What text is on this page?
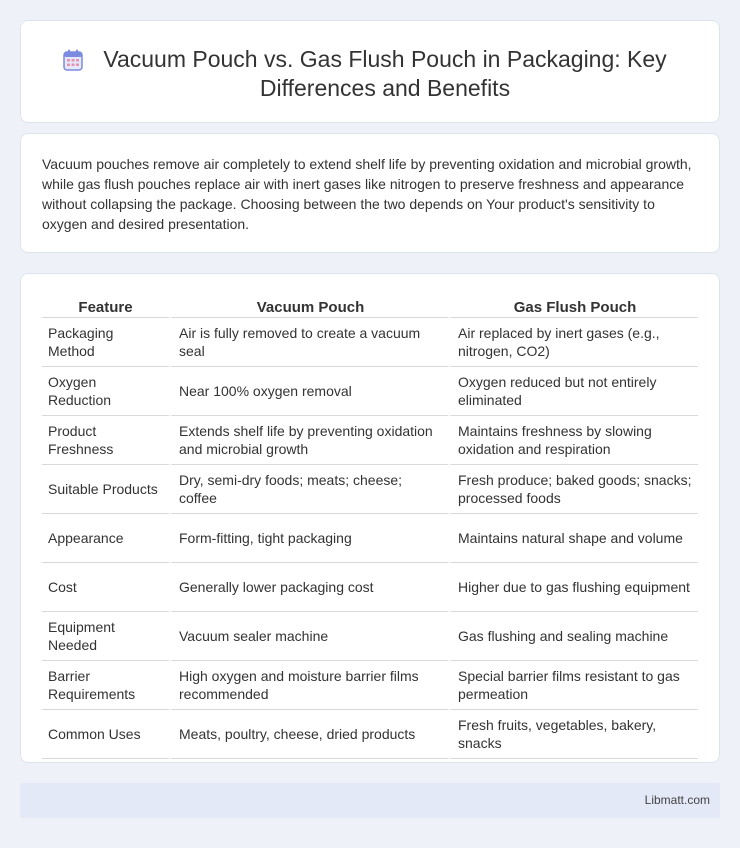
Vacuum Pouch vs. Gas Flush Pouch in Packaging: Key Differences and Benefits

Vacuum pouches remove air completely to extend shelf life by preventing oxidation and microbial growth, while gas flush pouches replace air with inert gases like nitrogen to preserve freshness and appearance without collapsing the package. Choosing between the two depends on Your product's sensitivity to oxygen and desired presentation.

Feature	Vacuum Pouch	Gas Flush Pouch
Packaging Method	Air is fully removed to create a vacuum seal	Air replaced by inert gases (e.g., nitrogen, CO2)
Oxygen Reduction	Near 100% oxygen removal	Oxygen reduced but not entirely eliminated
Product Freshness	Extends shelf life by preventing oxidation and microbial growth	Maintains freshness by slowing oxidation and respiration
Suitable Products	Dry, semi-dry foods; meats; cheese; coffee	Fresh produce; baked goods; snacks; processed foods
Appearance	Form-fitting, tight packaging	Maintains natural shape and volume
Cost	Generally lower packaging cost	Higher due to gas flushing equipment
Equipment Needed	Vacuum sealer machine	Gas flushing and sealing machine
Barrier Requirements	High oxygen and moisture barrier films recommended	Special barrier films resistant to gas permeation
Common Uses	Meats, poultry, cheese, dried products	Fresh fruits, vegetables, bakery, snacks
Libmatt.com
